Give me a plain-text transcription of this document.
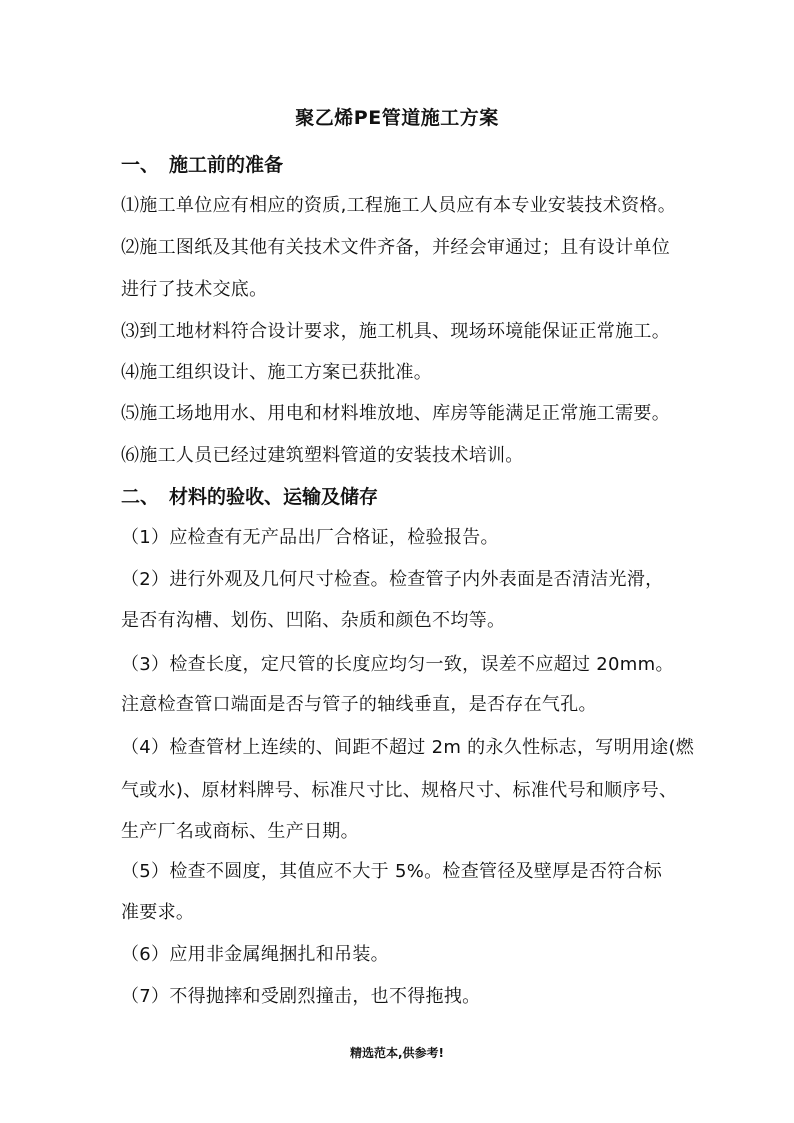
聚乙烯PE管道施工方案
一、 施工前的准备
⑴施工单位应有相应的资质,工程施工人员应有本专业安装技术资格。
⑵施工图纸及其他有关技术文件齐备，并经会审通过；且有设计单位
进行了技术交底。
⑶到工地材料符合设计要求，施工机具、现场环境能保证正常施工。
⑷施工组织设计、施工方案已获批准。
⑸施工场地用水、用电和材料堆放地、库房等能满足正常施工需要。
⑹施工人员已经过建筑塑料管道的安装技术培训。
二、 材料的验收、运输及储存
（1）应检查有无产品出厂合格证，检验报告。
（2）进行外观及几何尺寸检查。检查管子内外表面是否清洁光滑，
是否有沟槽、划伤、凹陷、杂质和颜色不均等。
（3）检查长度，定尺管的长度应均匀一致，误差不应超过 20mm。
注意检查管口端面是否与管子的轴线垂直，是否存在气孔。
（4）检查管材上连续的、间距不超过 2m 的永久性标志，写明用途(燃
气或水)、原材料牌号、标准尺寸比、规格尺寸、标准代号和顺序号、
生产厂名或商标、生产日期。
（5）检查不圆度，其值应不大于 5%。检查管径及壁厚是否符合标
准要求。
（6）应用非金属绳捆扎和吊装。
（7）不得抛摔和受剧烈撞击，也不得拖拽。
精选范本,供参考!
